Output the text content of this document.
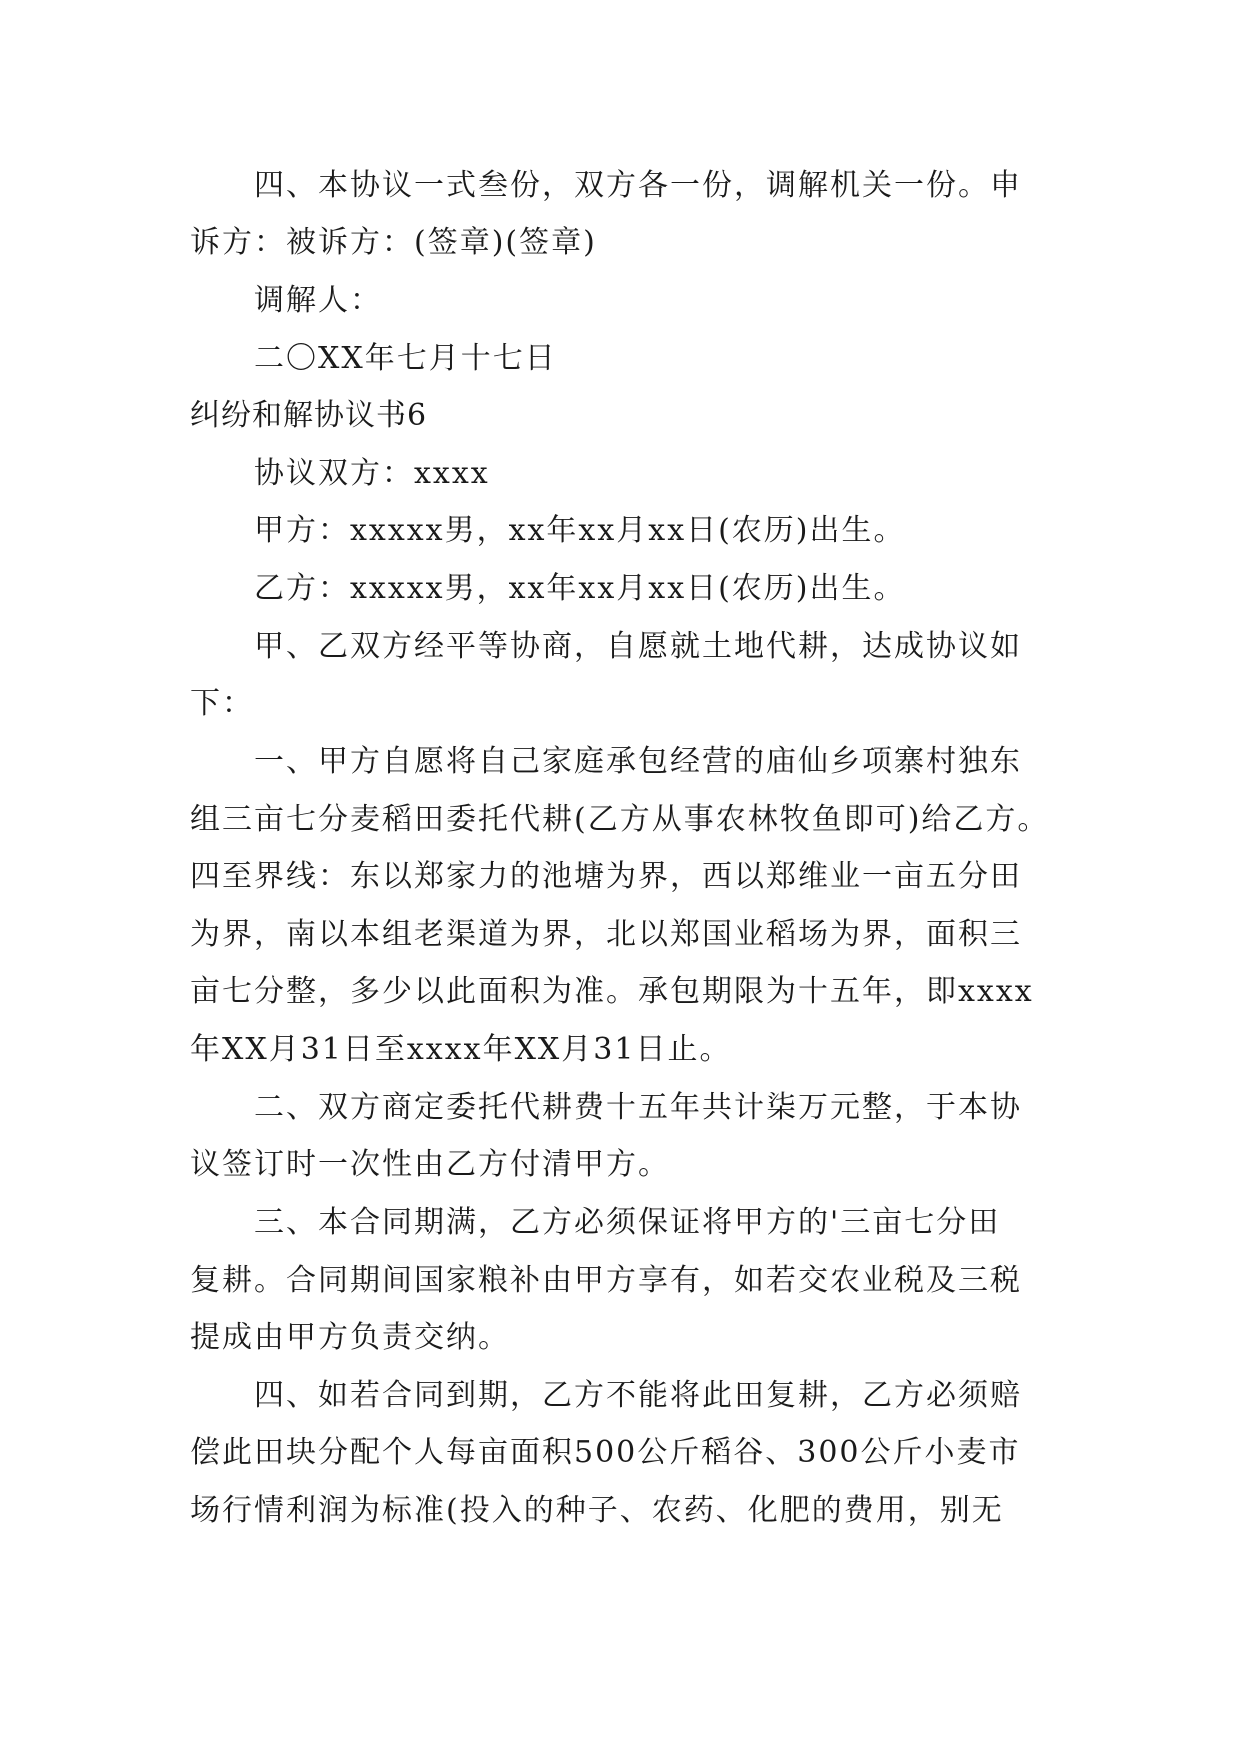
四、本协议一式叁份，双方各一份，调解机关一份。申
诉方：被诉方：(签章)(签章)
调解人：
二〇XX年七月十七日
纠纷和解协议书6
协议双方：xxxx
甲方：xxxxx男，xx年xx月xx日(农历)出生。
乙方：xxxxx男，xx年xx月xx日(农历)出生。
甲、乙双方经平等协商，自愿就土地代耕，达成协议如
下：
一、甲方自愿将自己家庭承包经营的庙仙乡项寨村独东
组三亩七分麦稻田委托代耕(乙方从事农林牧鱼即可)给乙方。
四至界线：东以郑家力的池塘为界，西以郑维业一亩五分田
为界，南以本组老渠道为界，北以郑国业稻场为界，面积三
亩七分整，多少以此面积为准。承包期限为十五年，即xxxx
年XX月31日至xxxx年XX月31日止。
二、双方商定委托代耕费十五年共计柒万元整，于本协
议签订时一次性由乙方付清甲方。
三、本合同期满，乙方必须保证将甲方的'三亩七分田
复耕。合同期间国家粮补由甲方享有，如若交农业税及三税
提成由甲方负责交纳。
四、如若合同到期，乙方不能将此田复耕，乙方必须赔
偿此田块分配个人每亩面积500公斤稻谷、300公斤小麦市
场行情利润为标准(投入的种子、农药、化肥的费用，别无
